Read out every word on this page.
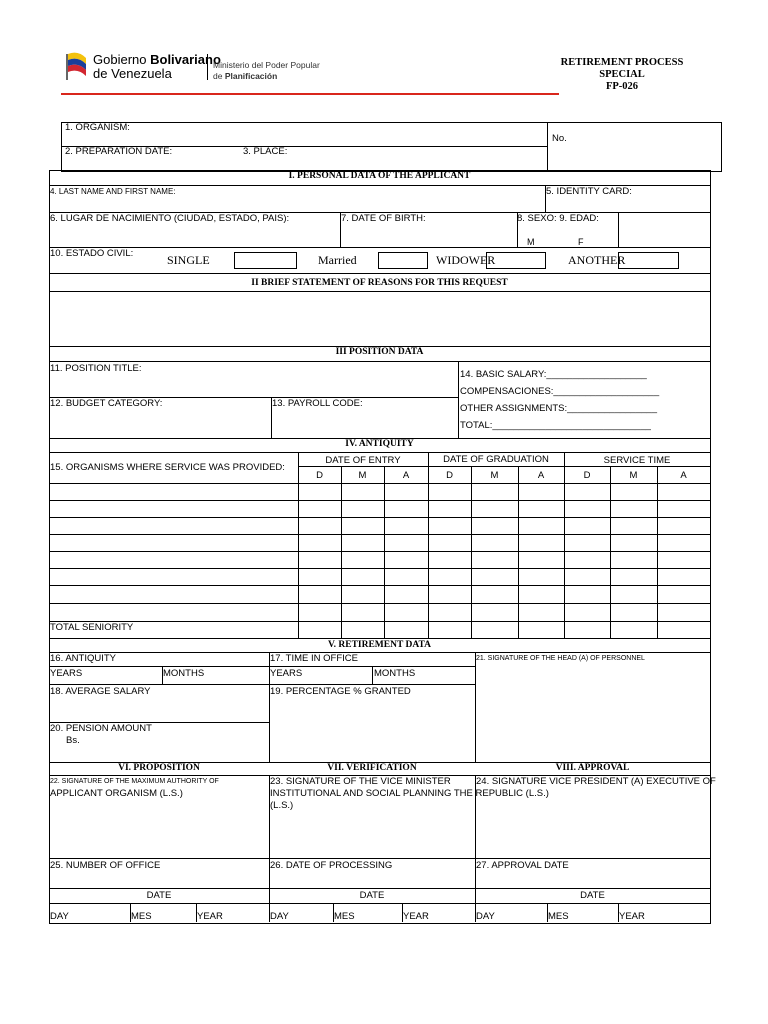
Gobierno Bolivariano
de Venezuela
Ministerio del Poder Popular
de Planificación
RETIREMENT PROCESS
SPECIAL
FP-026
1. ORGANISM:
2. PREPARATION DATE:	3. PLACE:
No.
I. PERSONAL DATA OF THE APPLICANT
4. LAST NAME AND FIRST NAME:	5. IDENTITY CARD:
6. LUGAR DE NACIMIENTO (CIUDAD, ESTADO, PAIS):	7. DATE OF BIRTH:	8. SEXO: 9. EDAD:
M	F
10. ESTADO CIVIL:	SINGLE	Married	WIDOWER	ANOTHER
II BRIEF STATEMENT OF REASONS FOR THIS REQUEST
III POSITION DATA
11. POSITION TITLE:
14. BASIC SALARY:___________________
COMPENSACIONES:____________________
OTHER ASSIGNMENTS:_________________
TOTAL:______________________________
12. BUDGET CATEGORY:	13. PAYROLL CODE:
IV. ANTIQUITY
15. ORGANISMS WHERE SERVICE WAS PROVIDED:
DATE OF ENTRY	DATE OF GRADUATION	SERVICE TIME
D	M	A	D	M	A	D	M	A
TOTAL SENIORITY
V. RETIREMENT DATA
16. ANTIQUITY	17. TIME IN OFFICE	21. SIGNATURE OF THE HEAD (A) OF PERSONNEL
YEARS	MONTHS	YEARS	MONTHS
18. AVERAGE SALARY	19. PERCENTAGE % GRANTED
20. PENSION AMOUNT
Bs.
VI. PROPOSITION	VII. VERIFICATION	VIII. APPROVAL
22. SIGNATURE OF THE MAXIMUM AUTHORITY OF
APPLICANT ORGANISM (L.S.)
23. SIGNATURE OF THE VICE MINISTER
INSTITUTIONAL AND SOCIAL PLANNING THE REPUBLIC (L.S.)
(L.S.)
24. SIGNATURE VICE PRESIDENT (A) EXECUTIVE OF
25. NUMBER OF OFFICE	26. DATE OF PROCESSING	27. APPROVAL DATE
DATE	DATE	DATE
DAY	MES	YEAR	DAY	MES	YEAR	DAY	MES	YEAR
